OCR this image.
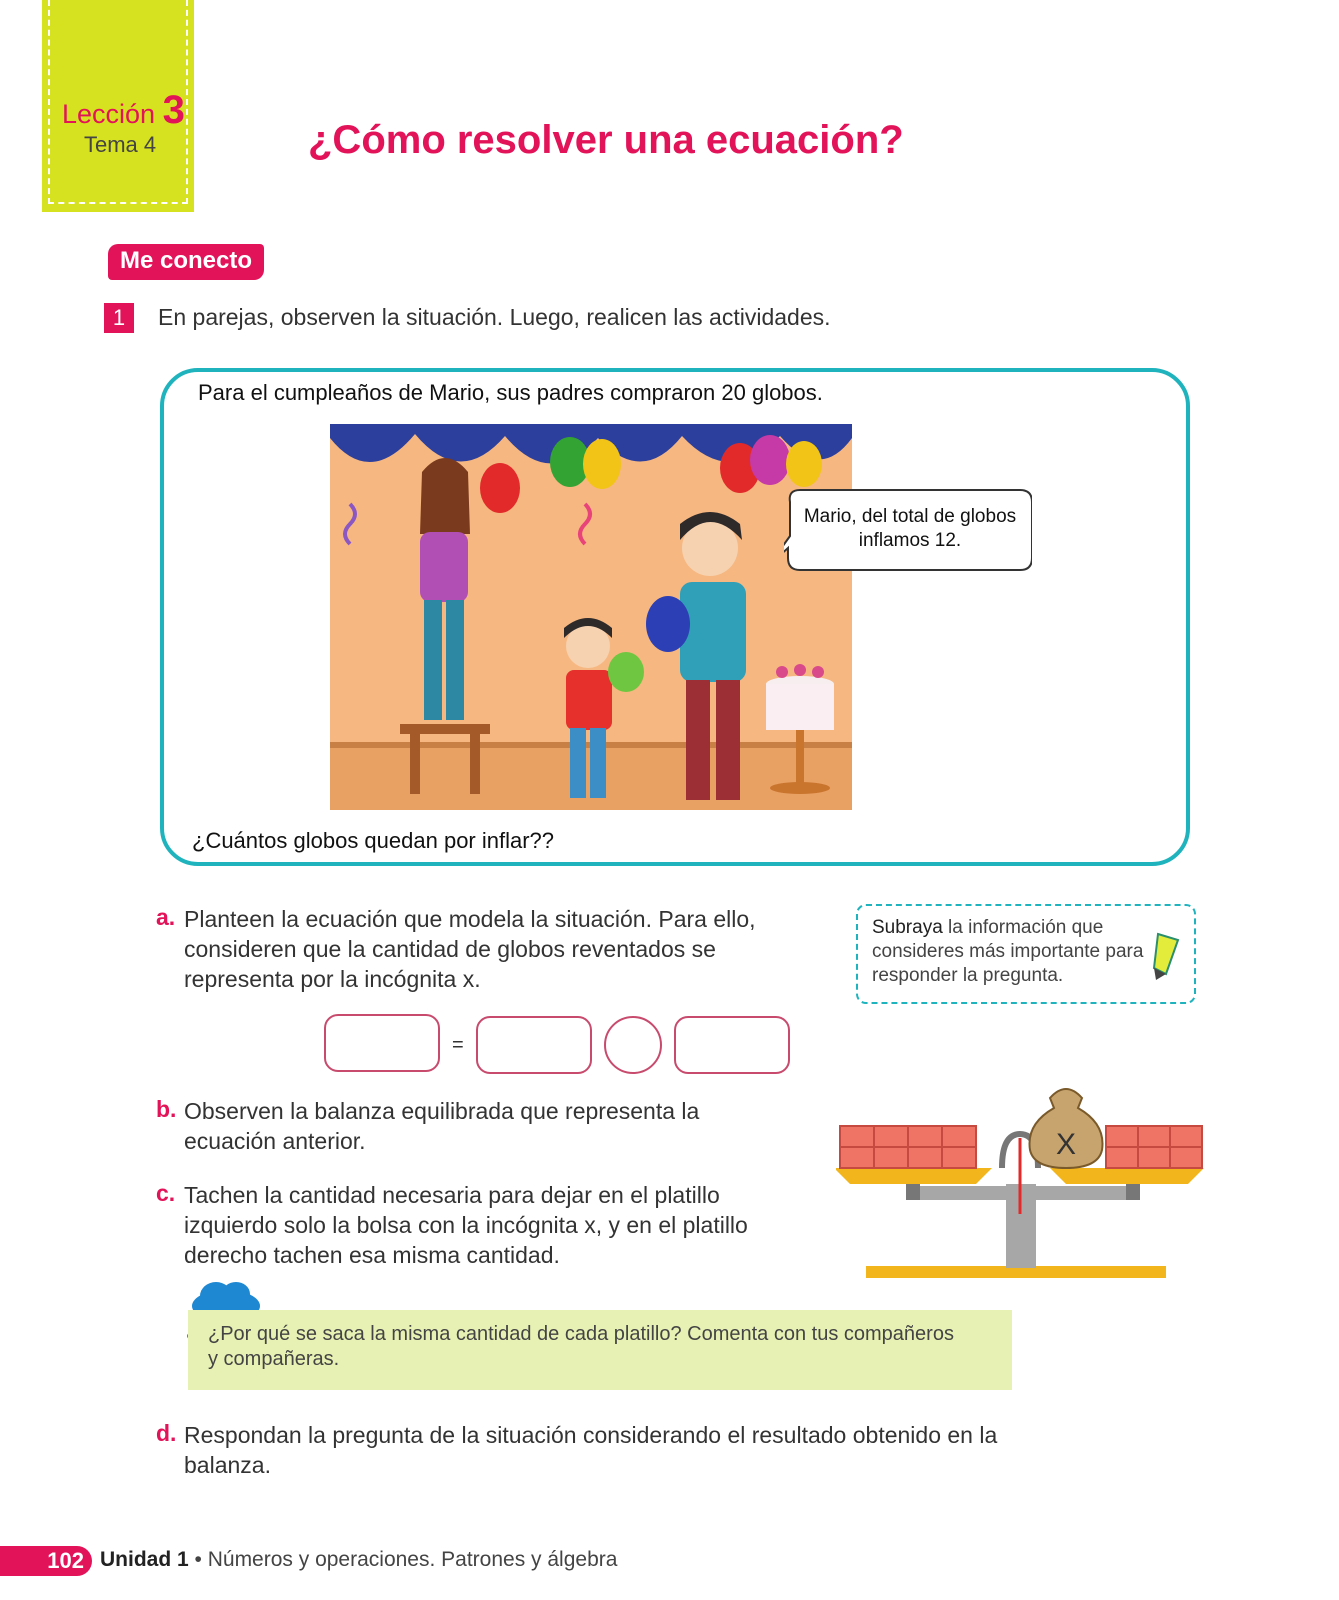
Lección 3
Tema 4	¿Cómo resolver una ecuación?
Me conecto
1	En parejas, observen la situación. Luego, realicen las actividades.
Para el cumpleaños de Mario, sus padres compraron 20 globos.
Mario, del total de globos inflamos 12.
¿Cuántos globos quedan por inflar??
a. Planteen la ecuación que modela la situación. Para ello, consideren que la cantidad de globos reventados se representa por la incógnita x.
Subraya la información que consideres más importante para responder la pregunta.
=
b. Observen la balanza equilibrada que representa la ecuación anterior.
c. Tachen la cantidad necesaria para dejar en el platillo izquierdo solo la bolsa con la incógnita x, y en el platillo derecho tachen esa misma cantidad.
X
¿Por qué se saca la misma cantidad de cada platillo? Comenta con tus compañeros y compañeras.
d. Respondan la pregunta de la situación considerando el resultado obtenido en la balanza.
102 Unidad 1 • Números y operaciones. Patrones y álgebra
